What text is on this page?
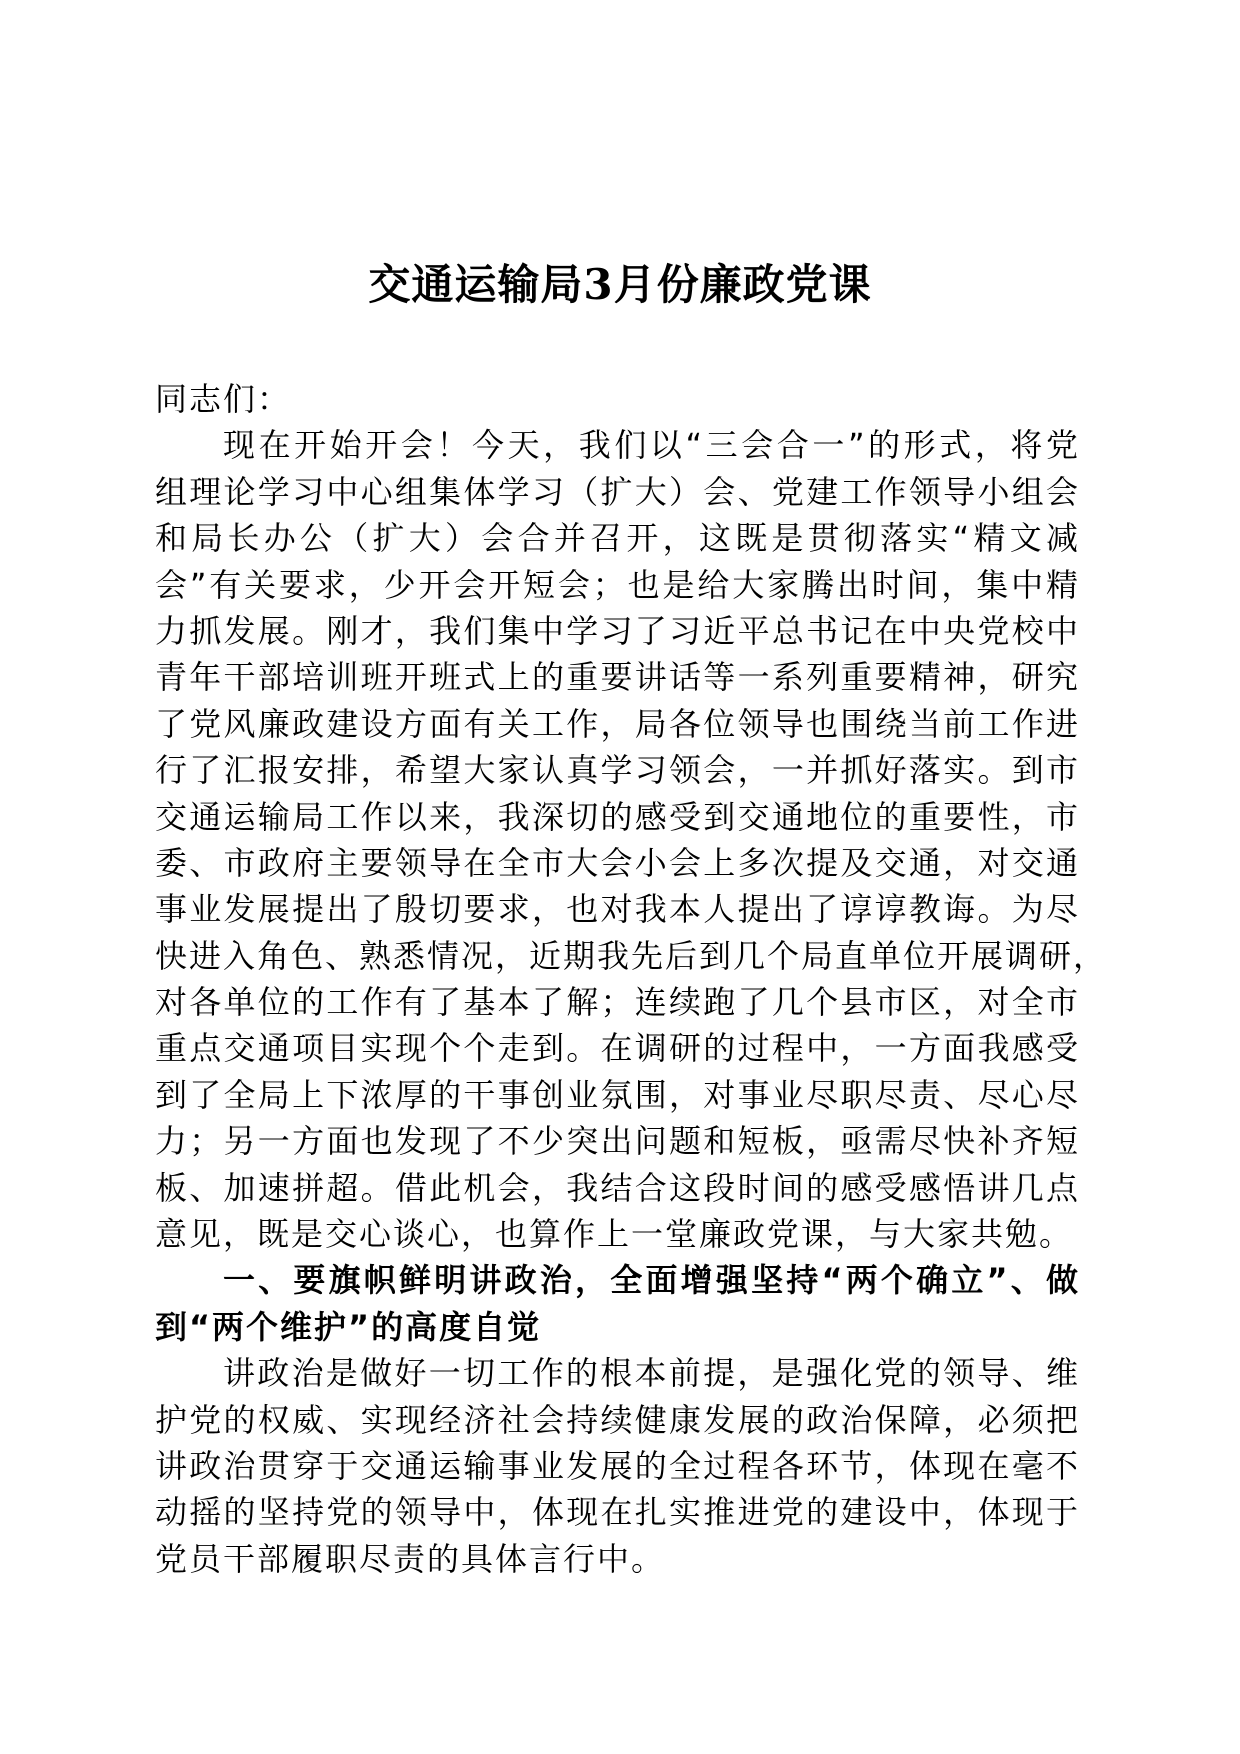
交通运输局3月份廉政党课
同志们：
现在开始开会！今天，我们以“三会合一”的形式，将党
组理论学习中心组集体学习（扩大）会、党建工作领导小组会
和局长办公（扩大）会合并召开，这既是贯彻落实“精文减
会”有关要求，少开会开短会；也是给大家腾出时间，集中精
力抓发展。刚才，我们集中学习了习近平总书记在中央党校中
青年干部培训班开班式上的重要讲话等一系列重要精神，研究
了党风廉政建设方面有关工作，局各位领导也围绕当前工作进
行了汇报安排，希望大家认真学习领会，一并抓好落实。到市
交通运输局工作以来，我深切的感受到交通地位的重要性，市
委、市政府主要领导在全市大会小会上多次提及交通，对交通
事业发展提出了殷切要求，也对我本人提出了谆谆教诲。为尽
快进入角色、熟悉情况，近期我先后到几个局直单位开展调研，
对各单位的工作有了基本了解；连续跑了几个县市区，对全市
重点交通项目实现个个走到。在调研的过程中，一方面我感受
到了全局上下浓厚的干事创业氛围，对事业尽职尽责、尽心尽
力；另一方面也发现了不少突出问题和短板，亟需尽快补齐短
板、加速拼超。借此机会，我结合这段时间的感受感悟讲几点
意见，既是交心谈心，也算作上一堂廉政党课，与大家共勉。
一、要旗帜鲜明讲政治，全面增强坚持“两个确立”、做
到“两个维护”的高度自觉
讲政治是做好一切工作的根本前提，是强化党的领导、维
护党的权威、实现经济社会持续健康发展的政治保障，必须把
讲政治贯穿于交通运输事业发展的全过程各环节，体现在毫不
动摇的坚持党的领导中，体现在扎实推进党的建设中，体现于
党员干部履职尽责的具体言行中。
